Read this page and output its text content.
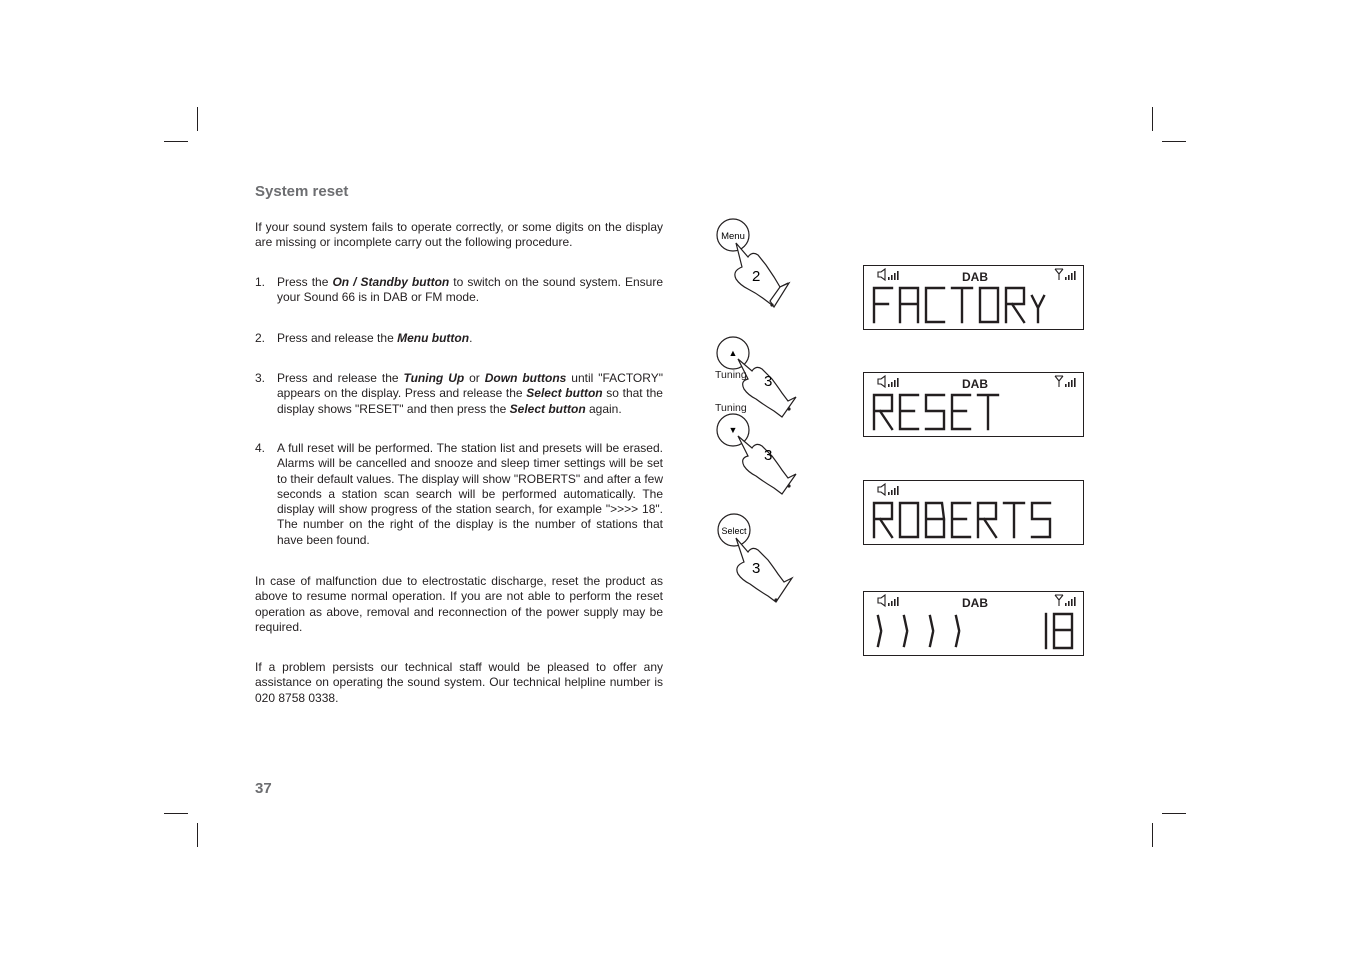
System reset

If your sound system fails to operate correctly, or some digits on the display are missing or incomplete carry out the following procedure.

1. Press the On / Standby button to switch on the sound system. Ensure your Sound 66 is in DAB or FM mode.
2. Press and release the Menu button.
3. Press and release the Tuning Up or Down buttons until "FACTORY" appears on the display. Press and release the Select button so that the display shows "RESET" and then press the Select button again.
4. A full reset will be performed. The station list and presets will be erased. Alarms will be cancelled and snooze and sleep timer settings will be set to their default values. The display will show "ROBERTS" and after a few seconds a station scan search will be performed automatically. The display will show progress of the station search, for example ">>>> 18". The number on the right of the display is the number of stations that have been found.

In case of malfunction due to electrostatic discharge, reset the product as above to resume normal operation. If you are not able to perform the reset operation as above, removal and reconnection of the power supply may be required.

If a problem persists our technical staff would be pleased to offer any assistance on operating the sound system. Our technical helpline number is 020 8758 0338.

37
Menu
2
▲
3
Tuning
Tuning
▼
3
Select
3
DAB
DAB
DAB
